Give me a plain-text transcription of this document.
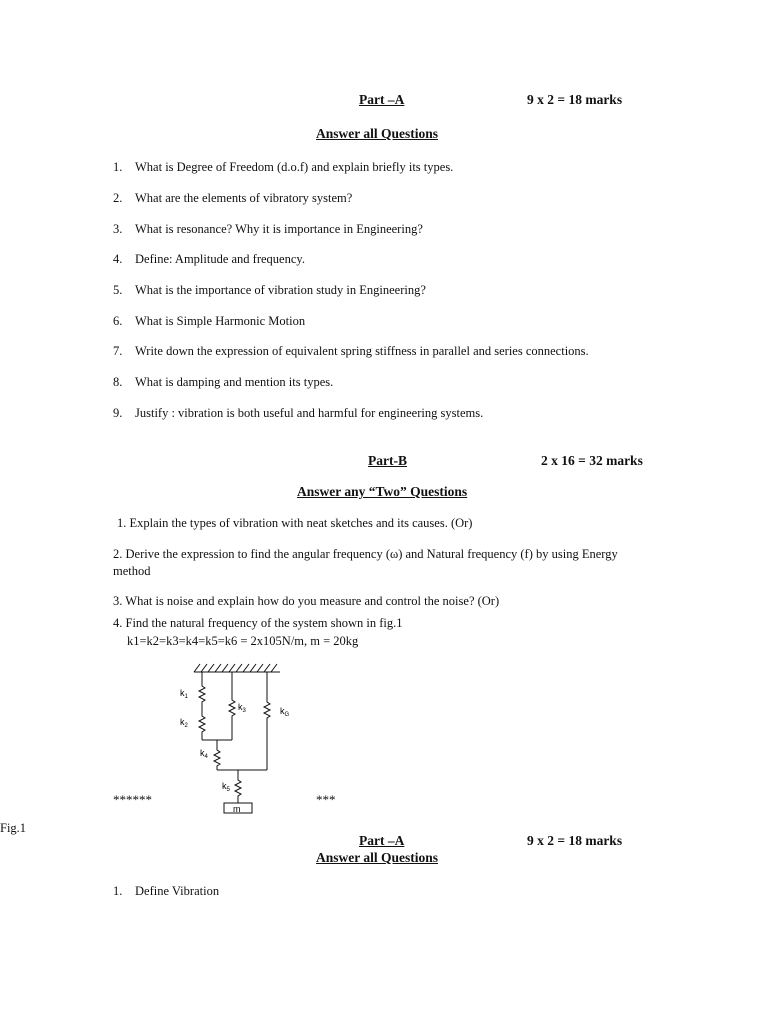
Part –A	9 x 2 = 18 marks
Answer all Questions
1. What is Degree of Freedom (d.o.f) and explain briefly its types.
2. What are the elements of vibratory system?
3. What is resonance? Why it is importance in Engineering?
4. Define: Amplitude and frequency.
5. What is the importance of vibration study in Engineering?
6. What is Simple Harmonic Motion
7. Write down the expression of equivalent spring stiffness in parallel and series connections.
8. What is damping and mention its types.
9. Justify : vibration is both useful and harmful for engineering systems.
Part-B	2 x 16 = 32 marks
Answer any “Two” Questions
1. Explain the types of vibration with neat sketches and its causes. (Or)
2. Derive the expression to find the angular frequency (ω) and Natural frequency (f) by using Energy
method
3. What is noise and explain how do you measure and control the noise? (Or)
4. Find the natural frequency of the system shown in fig.1
k1=k2=k3=k4=k5=k6 = 2x105N/m, m = 20kg
$k_1$
$k_2$
$k_3$	$k_G$
$k_4$
$k_5$
m
******	***
Fig.1
Part –A	9 x 2 = 18 marks
Answer all Questions
1. Define Vibration
